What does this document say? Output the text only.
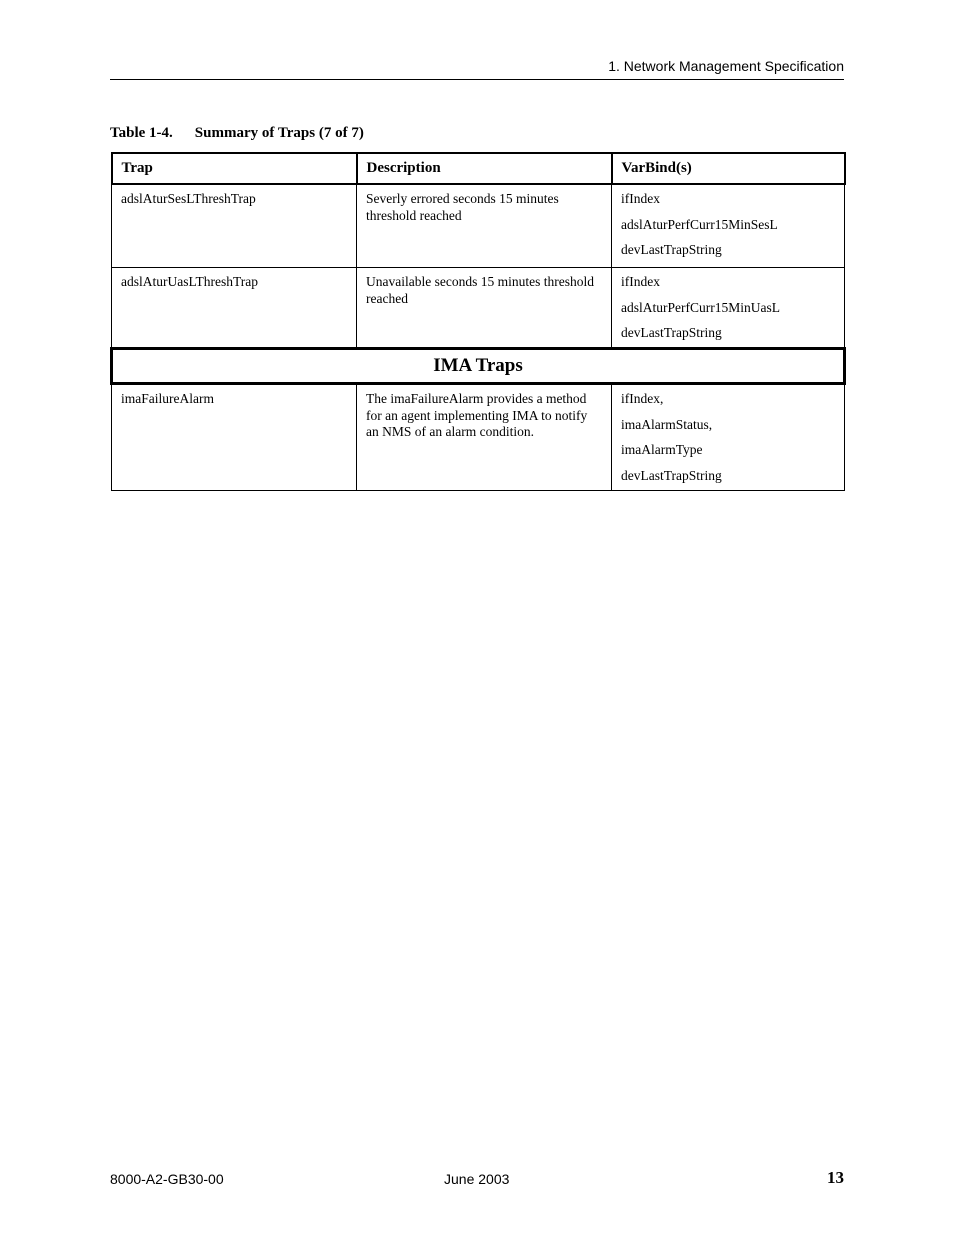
1. Network Management Specification
Table 1-4. Summary of Traps (7 of 7)
Trap	Description	VarBind(s)
adslAturSesLThreshTrap	Severly errored seconds 15 minutes threshold reached	ifIndex
adslAturPerfCurr15MinSesL
devLastTrapString

adslAturUasLThreshTrap	Unavailable seconds 15 minutes threshold reached	ifIndex
adslAturPerfCurr15MinUasL
devLastTrapString

IMA Traps		
imaFailureAlarm	The imaFailureAlarm provides a method for an agent implementing IMA to notify an NMS of an alarm condition.	ifIndex,
imaAlarmStatus,
imaAlarmType
devLastTrapString
8000-A2-GB30-00	June 2003	13
